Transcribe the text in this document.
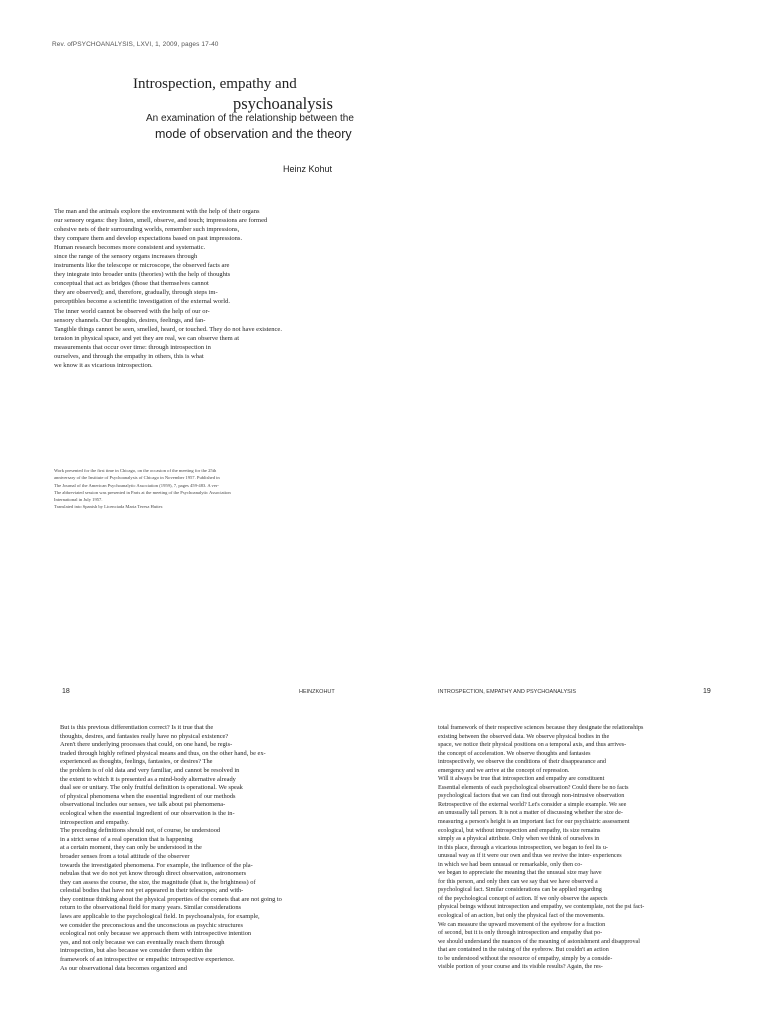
Rev. ofPSYCHOANALYSIS, LXVI, 1, 2009, pages 17-40
Introspection, empathy and
psychoanalysis
An examination of the relationship between the
mode of observation and the theory
Heinz Kohut
The man and the animals explore the environment with the help of their organs
our sensory organs: they listen, smell, observe, and touch; impressions are formed
cohesive nets of their surrounding worlds, remember such impressions,
they compare them and develop expectations based on past impressions.
Human research becomes more consistent and systematic.
since the range of the sensory organs increases through
instruments like the telescope or microscope, the observed facts are
they integrate into broader units (theories) with the help of thoughts
conceptual that act as bridges (those that themselves cannot
they are observed); and, therefore, gradually, through steps im-
perceptibles become a scientific investigation of the external world.
The inner world cannot be observed with the help of our or-
sensory channels. Our thoughts, desires, feelings, and fan-
Tangible things cannot be seen, smelled, heard, or touched. They do not have existence.
tension in physical space, and yet they are real, we can observe them at
measurements that occur over time: through introspection in
ourselves, and through the empathy in others, this is what
we know it as vicarious introspection.
Work presented for the first time in Chicago, on the occasion of the meeting for the 25th
anniversary of the Institute of Psychoanalysis of Chicago in November 1957. Published in
The Journal of the American Psychoanalytic Association (1959), 7, pages 459-483. A ver-
The abbreviated session was presented in Paris at the meeting of the Psychoanalytic Association
International in July 1957.
Translated into Spanish by Licenciada Maria Teresa Hutter.
18	HEINZKOHUT	INTROSPECTION, EMPATHY AND PSYCHOANALYSIS	19
But is this previous differentiation correct? Is it true that the
thoughts, desires, and fantasies really have no physical existence?
Aren't there underlying processes that could, on one hand, be regis-
traded through highly refined physical means and thus, on the other hand, be ex-
experienced as thoughts, feelings, fantasies, or desires? The
the problem is of old data and very familiar, and cannot be resolved in
the extent to which it is presented as a mind-body alternative already
dual see or unitary. The only fruitful definition is operational. We speak
of physical phenomena when the essential ingredient of our methods
observational includes our senses, we talk about psi phenomena-
ecological when the essential ingredient of our observation is the in-
introspection and empathy.
The preceding definitions should not, of course, be understood
in a strict sense of a real operation that is happening
at a certain moment, they can only be understood in the
broader senses from a total attitude of the observer
towards the investigated phenomena. For example, the influence of the pla-
nebulas that we do not yet know through direct observation, astronomers
they can assess the course, the size, the magnitude (that is, the brightness) of
celestial bodies that have not yet appeared in their telescopes; and with-
they continue thinking about the physical properties of the comets that are not going to
return to the observational field for many years. Similar considerations
laws are applicable to the psychological field. In psychoanalysis, for example,
we consider the preconscious and the unconscious as psychic structures
ecological not only because we approach them with introspective intention
yes, and not only because we can eventually reach them through
introspection, but also because we consider them within the
framework of an introspective or empathic introspective experience.
As our observational data becomes organized and
total framework of their respective sciences because they designate the relationships
existing between the observed data. We observe physical bodies in the
space, we notice their physical positions on a temporal axis, and thus arrives-
the concept of acceleration. We observe thoughts and fantasies
introspectively, we observe the conditions of their disappearance and
emergency and we arrive at the concept of repression.
Will it always be true that introspection and empathy are constituent
Essential elements of each psychological observation? Could there be no facts
psychological factors that we can find out through non-intrusive observation
Retrospective of the external world? Let's consider a simple example. We see
an unusually tall person. It is not a matter of discussing whether the size de-
measuring a person's height is an important fact for our psychiatric assessment
ecological, but without introspection and empathy, its size remains
simply as a physical attribute. Only when we think of ourselves in
in this place, through a vicarious introspection, we began to feel its u-
unusual way as if it were our own and thus we revive the inter- experiences
in which we had been unusual or remarkable, only then co-
we began to appreciate the meaning that the unusual size may have
for this person, and only then can we say that we have observed a
psychological fact. Similar considerations can be applied regarding
of the psychological concept of action. If we only observe the aspects
physical beings without introspection and empathy, we contemplate, not the psi fact-
ecological of an action, but only the physical fact of the movements.
We can measure the upward movement of the eyebrow for a fraction
of second, but it is only through introspection and empathy that po-
we should understand the nuances of the meaning of astonishment and disapproval
that are contained in the raising of the eyebrow. But couldn't an action
to be understood without the resource of empathy, simply by a conside-
visible portion of your course and its visible results? Again, the res-
